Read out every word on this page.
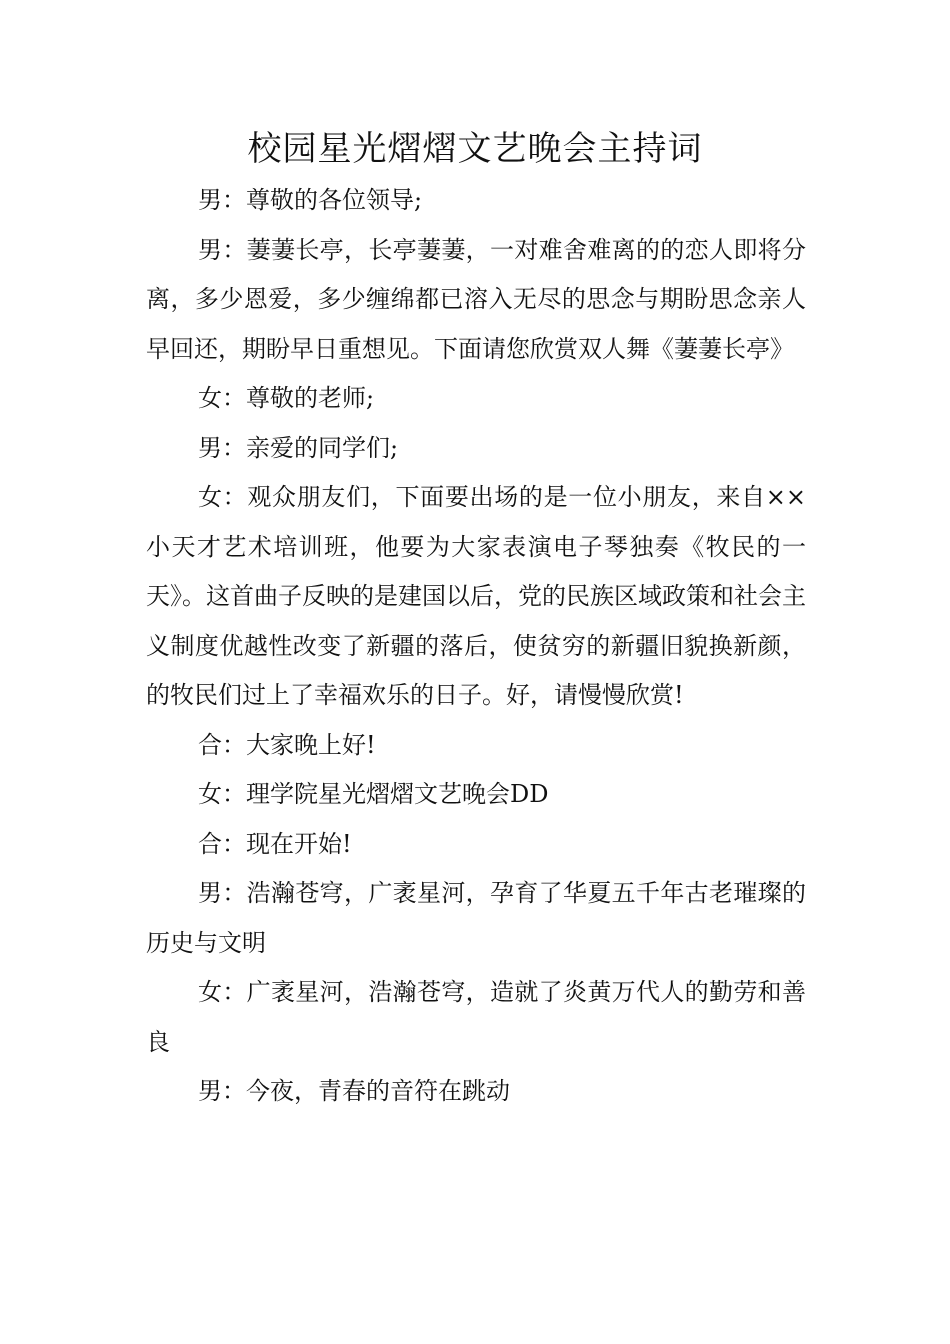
校园星光熠熠文艺晚会主持词

男：尊敬的各位领导;

男：萋萋长亭，长亭萋萋，一对难舍难离的的恋人即将分离，多少恩爱，多少缠绵都已溶入无尽的思念与期盼思念亲人早回还，期盼早日重想见。下面请您欣赏双人舞《萋萋长亭》

女：尊敬的老师;

男：亲爱的同学们;

女：观众朋友们，下面要出场的是一位小朋友，来自××小天才艺术培训班，他要为大家表演电子琴独奏《牧民的一天》。这首曲子反映的是建国以后，党的民族区域政策和社会主义制度优越性改变了新疆的落后，使贫穷的新疆旧貌换新颜，的牧民们过上了幸福欢乐的日子。好，请慢慢欣赏!

合：大家晚上好!

女：理学院星光熠熠文艺晚会DD

合：现在开始!

男：浩瀚苍穹，广袤星河，孕育了华夏五千年古老璀璨的历史与文明

女：广袤星河，浩瀚苍穹，造就了炎黄万代人的勤劳和善良

男：今夜，青春的音符在跳动
